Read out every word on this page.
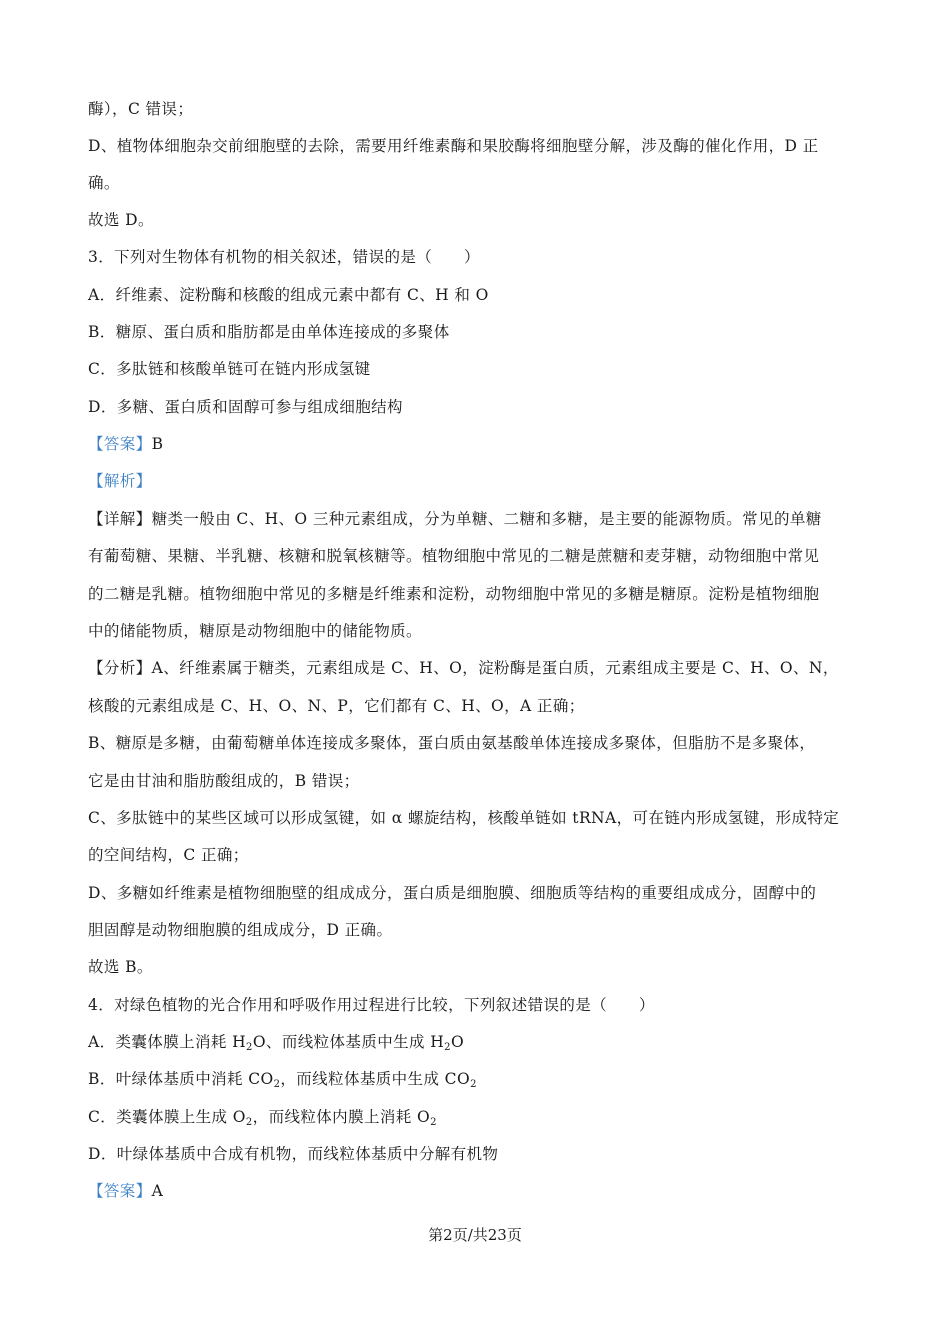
酶），C 错误；
D、植物体细胞杂交前细胞壁的去除，需要用纤维素酶和果胶酶将细胞壁分解，涉及酶的催化作用，D 正
确。
故选 D。
3．下列对生物体有机物的相关叙述，错误的是（　　）
A．纤维素、淀粉酶和核酸的组成元素中都有 C、H 和 O
B．糖原、蛋白质和脂肪都是由单体连接成的多聚体
C．多肽链和核酸单链可在链内形成氢键
D．多糖、蛋白质和固醇可参与组成细胞结构
【答案】B
【解析】
【详解】糖类一般由 C、H、O 三种元素组成，分为单糖、二糖和多糖，是主要的能源物质。常见的单糖
有葡萄糖、果糖、半乳糖、核糖和脱氧核糖等。植物细胞中常见的二糖是蔗糖和麦芽糖，动物细胞中常见
的二糖是乳糖。植物细胞中常见的多糖是纤维素和淀粉，动物细胞中常见的多糖是糖原。淀粉是植物细胞
中的储能物质，糖原是动物细胞中的储能物质。
【分析】A、纤维素属于糖类，元素组成是 C、H、O，淀粉酶是蛋白质，元素组成主要是 C、H、O、N，
核酸的元素组成是 C、H、O、N、P，它们都有 C、H、O，A 正确；
B、糖原是多糖，由葡萄糖单体连接成多聚体，蛋白质由氨基酸单体连接成多聚体，但脂肪不是多聚体，
它是由甘油和脂肪酸组成的，B 错误；
C、多肽链中的某些区域可以形成氢键，如 α 螺旋结构，核酸单链如 tRNA，可在链内形成氢键，形成特定
的空间结构，C 正确；
D、多糖如纤维素是植物细胞壁的组成成分，蛋白质是细胞膜、细胞质等结构的重要组成成分，固醇中的
胆固醇是动物细胞膜的组成成分，D 正确。
故选 B。
4．对绿色植物的光合作用和呼吸作用过程进行比较，下列叙述错误的是（　　）
A．类囊体膜上消耗 $H_2O$、而线粒体基质中生成 $H_2O$
B．叶绿体基质中消耗 $CO_2$，而线粒体基质中生成 $CO_2$
C．类囊体膜上生成 $O_2$，而线粒体内膜上消耗 $O_2$
D．叶绿体基质中合成有机物，而线粒体基质中分解有机物
【答案】A
第2页/共23页
